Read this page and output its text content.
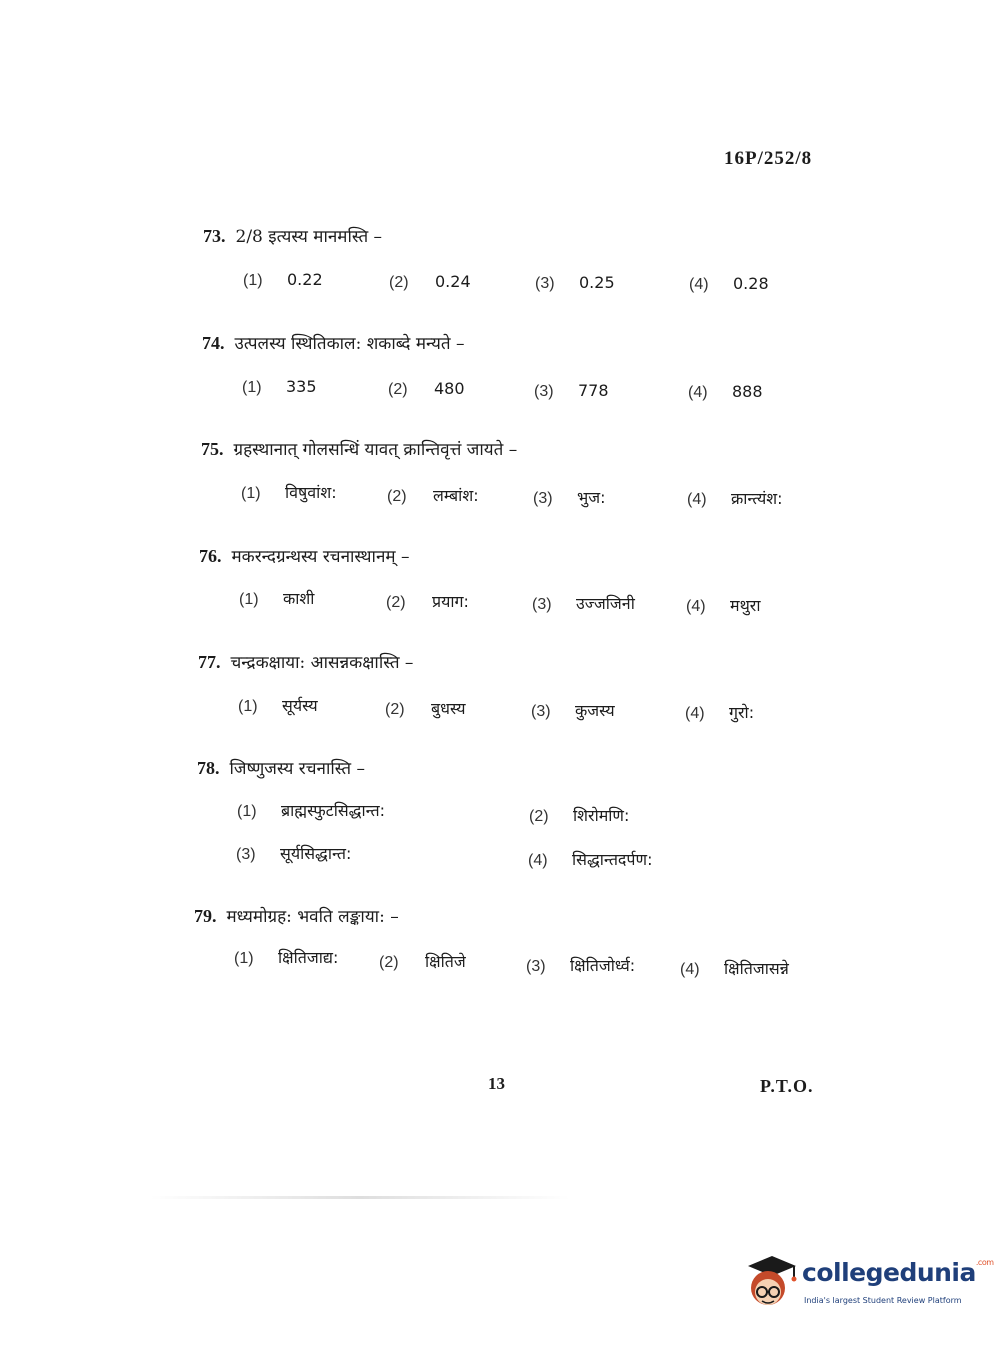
16P/252/8
73. 2/8 इत्यस्य मानमस्ति –
(1) 0.22	(2) 0.24	(3) 0.25	(4) 0.28
74. उत्पलस्य स्थितिकाल: शकाब्दे मन्यते –
(1) 335	(2) 480	(3) 778	(4) 888
75. ग्रहस्थानात् गोलसन्धिं यावत् क्रान्तिवृत्तं जायते –
(1) विषुवांश:	(2) लम्बांश:	(3) भुज:	(4) क्रान्त्यंश:
76. मकरन्दग्रन्थस्य रचनास्थानम् –
(1) काशी	(2) प्रयाग:	(3) उज्जजिनी	(4) मथुरा
77. चन्द्रकक्षाया: आसन्नकक्षास्ति –
(1) सूर्यस्य	(2) बुधस्य	(3) कुजस्य	(4) गुरो:
78. जिष्णुजस्य रचनास्ति –
(1) ब्राह्मस्फुटसिद्धान्त:	(2) शिरोमणि:
(3) सूर्यसिद्धान्त:	(4) सिद्धान्तदर्पण:
79. मध्यमोग्रह: भवति लङ्काया: –
(1) क्षितिजाद्य:	(2) क्षितिजे	(3) क्षितिजोर्ध्व:	(4) क्षितिजासन्ने
13	P.T.O.
collegedunia$^{.com}$
India's largest Student Review Platform
